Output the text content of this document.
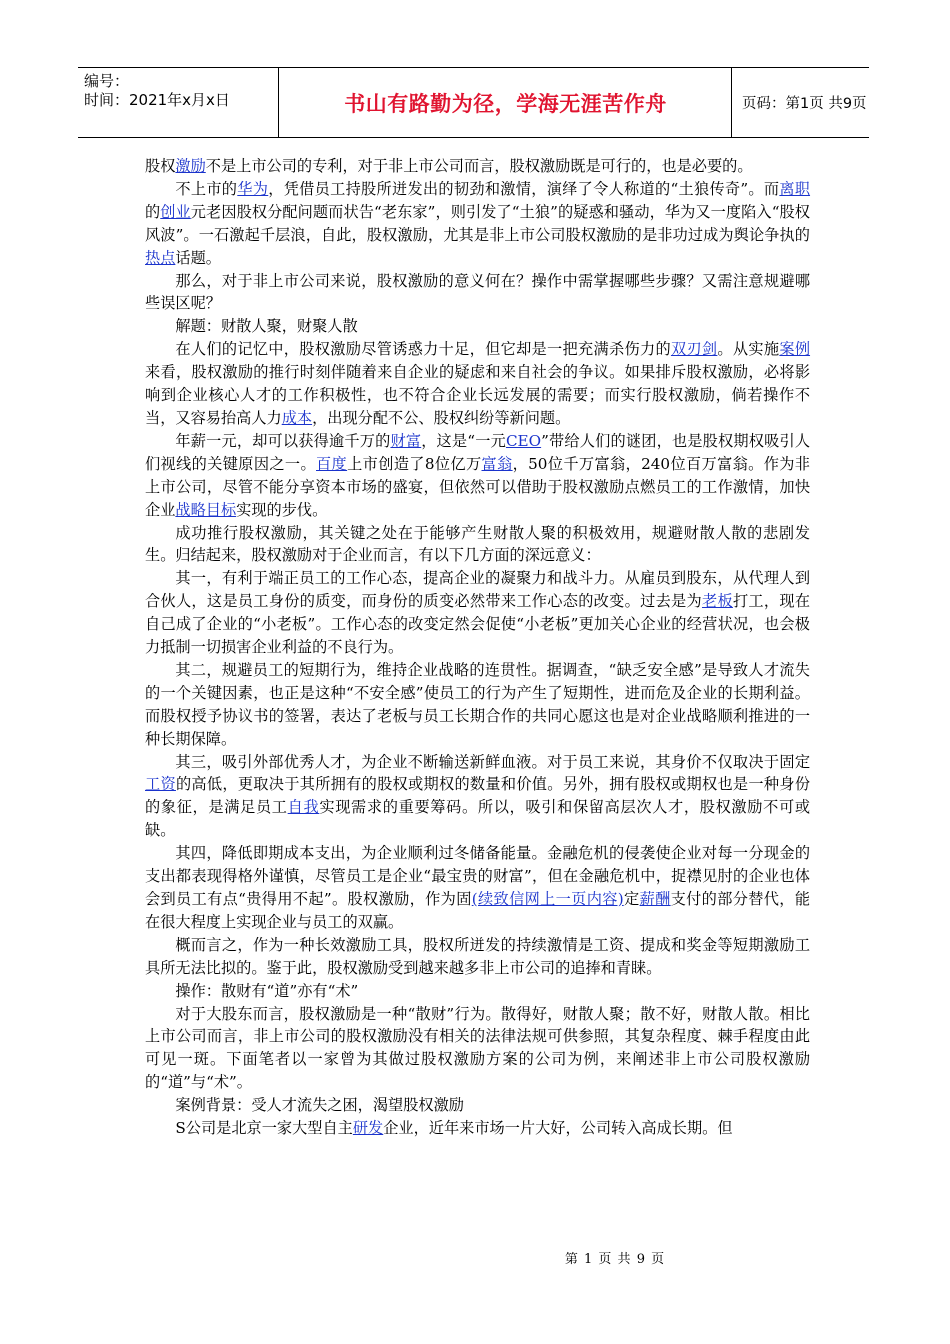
编号：
时间：2021年x月x日	书山有路勤为径，学海无涯苦作舟	页码：第1页 共9页

股权激励不是上市公司的专利，对于非上市公司而言，股权激励既是可行的，也是必要的。

不上市的华为，凭借员工持股所迸发出的韧劲和激情，演绎了令人称道的“土狼传奇”。而离职的创业元老因股权分配问题而状告“老东家”，则引发了“土狼”的疑惑和骚动，华为又一度陷入“股权风波”。一石激起千层浪，自此，股权激励，尤其是非上市公司股权激励的是非功过成为舆论争执的热点话题。

那么，对于非上市公司来说，股权激励的意义何在？操作中需掌握哪些步骤？又需注意规避哪些误区呢？

解题：财散人聚，财聚人散

在人们的记忆中，股权激励尽管诱惑力十足，但它却是一把充满杀伤力的双刃剑。从实施案例来看，股权激励的推行时刻伴随着来自企业的疑虑和来自社会的争议。如果排斥股权激励，必将影响到企业核心人才的工作积极性，也不符合企业长远发展的需要；而实行股权激励，倘若操作不当，又容易抬高人力成本，出现分配不公、股权纠纷等新问题。

年薪一元，却可以获得逾千万的财富，这是“一元CEO”带给人们的谜团，也是股权期权吸引人们视线的关键原因之一。百度上市创造了8位亿万富翁，50位千万富翁，240位百万富翁。作为非上市公司，尽管不能分享资本市场的盛宴，但依然可以借助于股权激励点燃员工的工作激情，加快企业战略目标实现的步伐。

成功推行股权激励，其关键之处在于能够产生财散人聚的积极效用，规避财散人散的悲剧发生。归结起来，股权激励对于企业而言，有以下几方面的深远意义：

其一，有利于端正员工的工作心态，提高企业的凝聚力和战斗力。从雇员到股东，从代理人到合伙人，这是员工身份的质变，而身份的质变必然带来工作心态的改变。过去是为老板打工，现在自己成了企业的“小老板”。工作心态的改变定然会促使“小老板”更加关心企业的经营状况，也会极力抵制一切损害企业利益的不良行为。

其二，规避员工的短期行为，维持企业战略的连贯性。据调查，“缺乏安全感”是导致人才流失的一个关键因素，也正是这种“不安全感”使员工的行为产生了短期性，进而危及企业的长期利益。而股权授予协议书的签署，表达了老板与员工长期合作的共同心愿这也是对企业战略顺利推进的一种长期保障。

其三，吸引外部优秀人才，为企业不断输送新鲜血液。对于员工来说，其身价不仅取决于固定工资的高低，更取决于其所拥有的股权或期权的数量和价值。另外，拥有股权或期权也是一种身份的象征，是满足员工自我实现需求的重要筹码。所以，吸引和保留高层次人才，股权激励不可或缺。

其四，降低即期成本支出，为企业顺利过冬储备能量。金融危机的侵袭使企业对每一分现金的支出都表现得格外谨慎，尽管员工是企业“最宝贵的财富”，但在金融危机中，捉襟见肘的企业也体会到员工有点“贵得用不起”。股权激励，作为固(续致信网上一页内容)定薪酬支付的部分替代，能在很大程度上实现企业与员工的双赢。

概而言之，作为一种长效激励工具，股权所迸发的持续激情是工资、提成和奖金等短期激励工具所无法比拟的。鉴于此，股权激励受到越来越多非上市公司的追捧和青睐。

操作：散财有“道”亦有“术”

对于大股东而言，股权激励是一种“散财”行为。散得好，财散人聚；散不好，财散人散。相比上市公司而言，非上市公司的股权激励没有相关的法律法规可供参照，其复杂程度、棘手程度由此可见一斑。下面笔者以一家曾为其做过股权激励方案的公司为例，来阐述非上市公司股权激励的“道”与“术”。

案例背景：受人才流失之困，渴望股权激励

S公司是北京一家大型自主研发企业，近年来市场一片大好，公司转入高成长期。但

第 1 页 共 9 页
